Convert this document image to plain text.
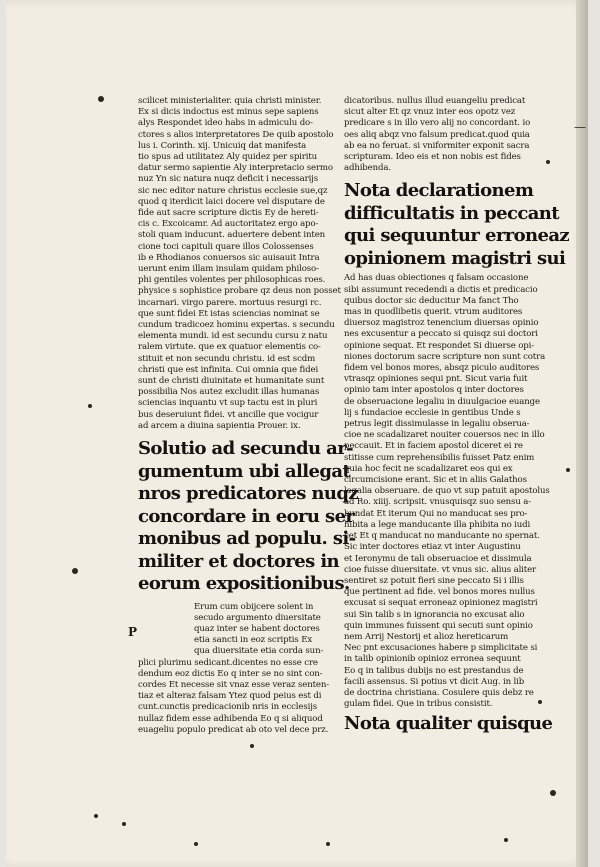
scilicet ministerialiter. quia christi minister.
Ex si dicis indoctus est minus sepe sapiens
alys Respondet ideo habs in admiculu do-
ctores s alios interpretatores De quib apostolo
lus i. Corinth. xij. Unicuiq dat manifesta
tio spus ad utilitatez Aly quidez per spiritu
datur sermo sapientie Aly interpretacio sermo
nuz Yn sic natura nuqz deficit i necessarijs
sic nec editor nature christus ecclesie sue,qz
quod q iterdicit laici docere vel disputare de
fide aut sacre scripture dictis Ey de hereti-
cis c. Excoicamr. Ad auctoritatez ergo apo-
stoli quam inducunt. aduertere debent inten
cione toci capituli quare illos Colossenses
ib e Rhodianos conuersos sic auisauit Intra
uerunt enim illam insulam quidam philoso-
phi gentiles volentes per philosophicas roes.
physice s sophistice probare qz deus non posset
incarnari. virgo parere. mortuus resurgi rc.
que sunt fidei Et istas sciencias nominat se
cundum tradicoez hominu expertas. s secundu
elementa mundi. id est secundu cursu z natu
ralem virtute. que ex quatuor elementis co-
stituit et non secundu christu. id est scdm
christi que est infinita. Cui omnia que fidei
sunt de christi diuinitate et humanitate sunt
possibilia Nos autez excludit illas humanas
sciencias inquantu vt sup tactu est in pluri
bus deseruiunt fidei. vt ancille que vocigur
ad arcem a diuina sapientia Prouer. ix.
Solutio ad secundu ar-
gumentum ubi allegat
nros predicatores nuqz
concordare in eoru ser
monibus ad populu. si-
militer et doctores in
eorum expositionibus.
P
Erum cum obijcere solent in
secudo argumento diuersitate
quaz inter se habent doctores
etia sancti in eoz scriptis Ex
qua diuersitate etia corda sun-
plici plurimu sedicant.dicentes no esse cre
dendum eoz dictis Eo q inter se no sint con-
cordes Et necesse sit vnaz esse veraz senten-
tiaz et alteraz falsam Ytez quod peius est di
cunt.cunctis predicacionib nris in ecclesijs
nullaz fidem esse adhibenda Eo q si aliquod
euageliu populo predicat ab oto vel dece prz.
dicatoribus. nullus illud euangeliu predicat
sicut alter Et qz vnuz inter eos opotz vez
predicare s in illo vero alij no concordant. io
oes aliq abqz vno falsum predicat.quod quia
ab ea no feruat. si vniformiter exponit sacra
scripturam. Ideo eis et non nobis est fides
adhibenda.
Nota declarationem
difficultatis in peccant
qui sequuntur erroneaz
opinionem magistri sui
Ad has duas obiectiones q falsam occasione
sibi assumunt recedendi a dictis et predicacio
quibus doctor sic deducitur Ma fanct Tho
mas in quodlibetis querit. vtrum auditores
diuersoz magistroz tenencium diuersas opinio
nes excusentur a peccato si quisqz sui doctori
opinione sequat. Et respondet Si diuerse opi-
niones doctorum sacre scripture non sunt cotra
fidem vel bonos mores, absqz piculo auditores
vtrasqz opiniones sequi pnt. Sicut varia fuit
opinio tam inter apostolos q inter doctores
de obseruacione legaliu in diuulgacioe euange
lij s fundacioe ecclesie in gentibus Unde s
petrus legit dissimulasse in legaliu obserua-
cioe ne scadalizaret nouiter couersos nec in illo
peccauit. Et in faciem apostol diceret ei re
stitisse cum reprehensibilis fuisset Patz enim
quia hoc fecit ne scadalizaret eos qui ex
circumcisione erant. Sic et in aliis Galathos
legalia obseruare. de quo vt sup patuit apostolus
ad Ro. xiiij. scripsit. vnusquisqz suo sensu a-
bundat Et iterum Qui no manducat ses pro-
hibita a lege manducante illa phibita no iudi
cet Et q manducat no manducante no spernat.
Sic inter doctores etiaz vt inter Augustinu
et Ieronymu de tali obseruacioe et dissimula
cioe fuisse diuersitate. vt vnus sic. alius aliter
sentiret sz potuit fieri sine peccato Si i illis
que pertinent ad fide. vel bonos mores nullus
excusat si sequat erroneaz opinionez magistri
sui Sin talib s in ignorancia no excusat alio
quin immunes fuissent qui secuti sunt opinio
nem Arrij Nestorij et alioz hereticarum
Nec pnt excusaciones habere p simplicitate si
in talib opinionib opinioz erronea sequunt
Eo q in talibus dubijs no est prestandus de
facili assensus. Si potius vt dicit Aug. in lib
de doctrina christiana. Cosulere quis debz re
gulam fidei. Que in tribus consistit.
Nota qualiter quisque
—
